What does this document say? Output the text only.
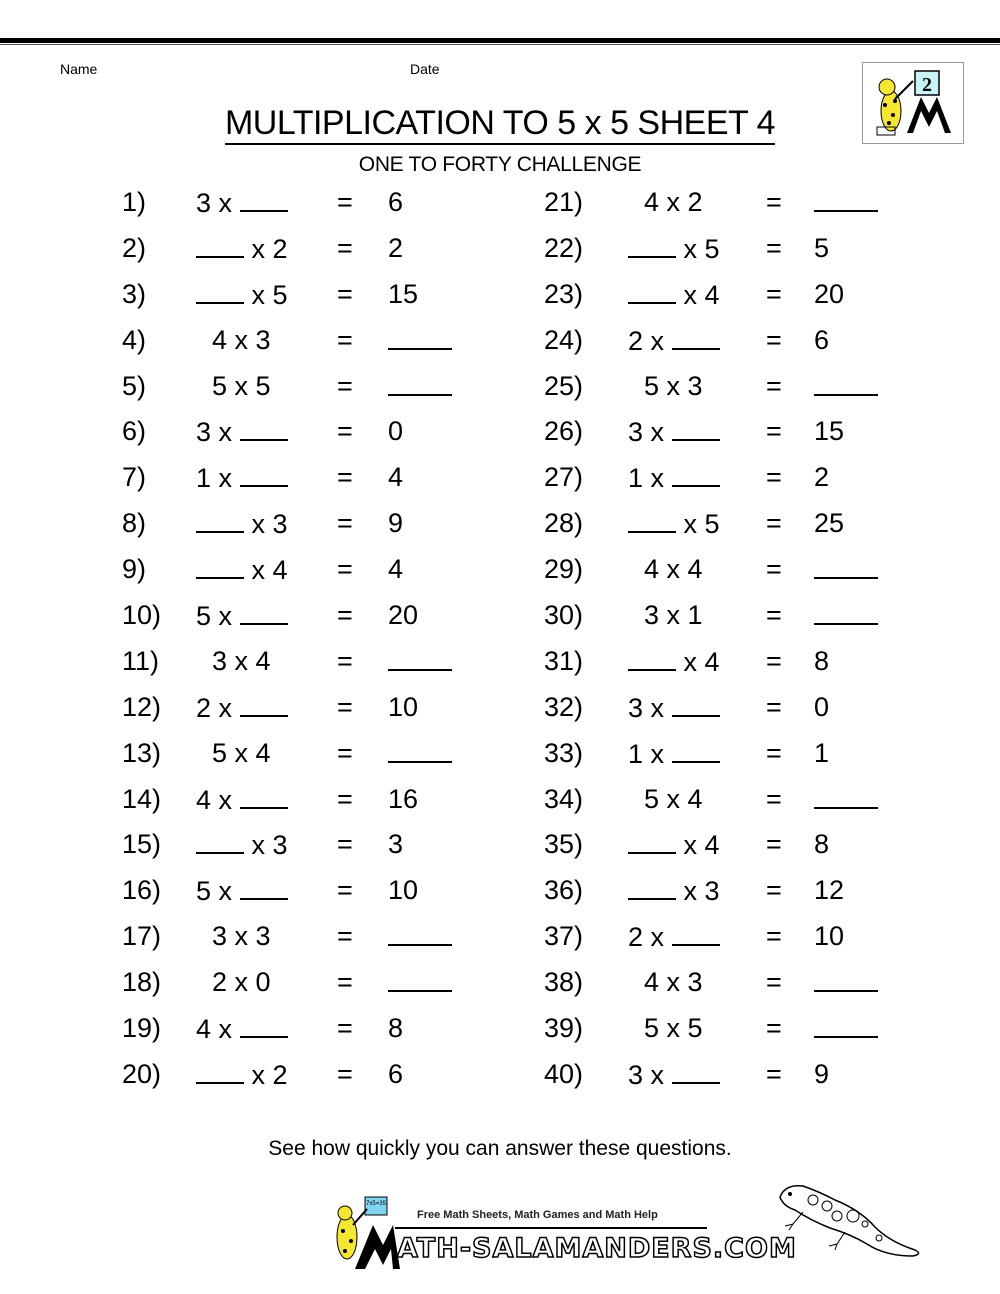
Name	Date
2
MULTIPLICATION TO 5 x 5 SHEET 4
ONE TO FORTY CHALLENGE
1) 3 x	= 6
2)	x 2	= 2
3)	x 5	= 15
4)	4 x 3	=
5)	5 x 5	=
6) 3 x	= 0
7) 1 x	= 4
8)	x 3	= 9
9)	x 4	= 4
10) 5 x	= 20
11)	3 x 4	=
12) 2 x	= 10
13)	5 x 4	=
14) 4 x	= 16
15)	x 3	= 3
16) 5 x	= 10
17)	3 x 3	=
18)	2 x 0	=
19) 4 x	= 8
20)	x 2	= 6
21)	4 x 2	=
22)	x 5	= 5
23)	x 4	= 20
24) 2 x	= 6
25)	5 x 3	=
26) 3 x	= 15
27) 1 x	= 2
28)	x 5	= 25
29)	4 x 4	=
30)	3 x 1	=
31)	x 4	= 8
32) 3 x	= 0
33) 1 x	= 1
34)	5 x 4	=
35)	x 4	= 8
36)	x 3	= 12
37) 2 x	= 10
38)	4 x 3	=
39)	5 x 5	=
40) 3 x	= 9
See how quickly you can answer these questions.
7x5=35
Free Math Sheets, Math Games and Math Help
ATH-SALAMANDERS.COM
